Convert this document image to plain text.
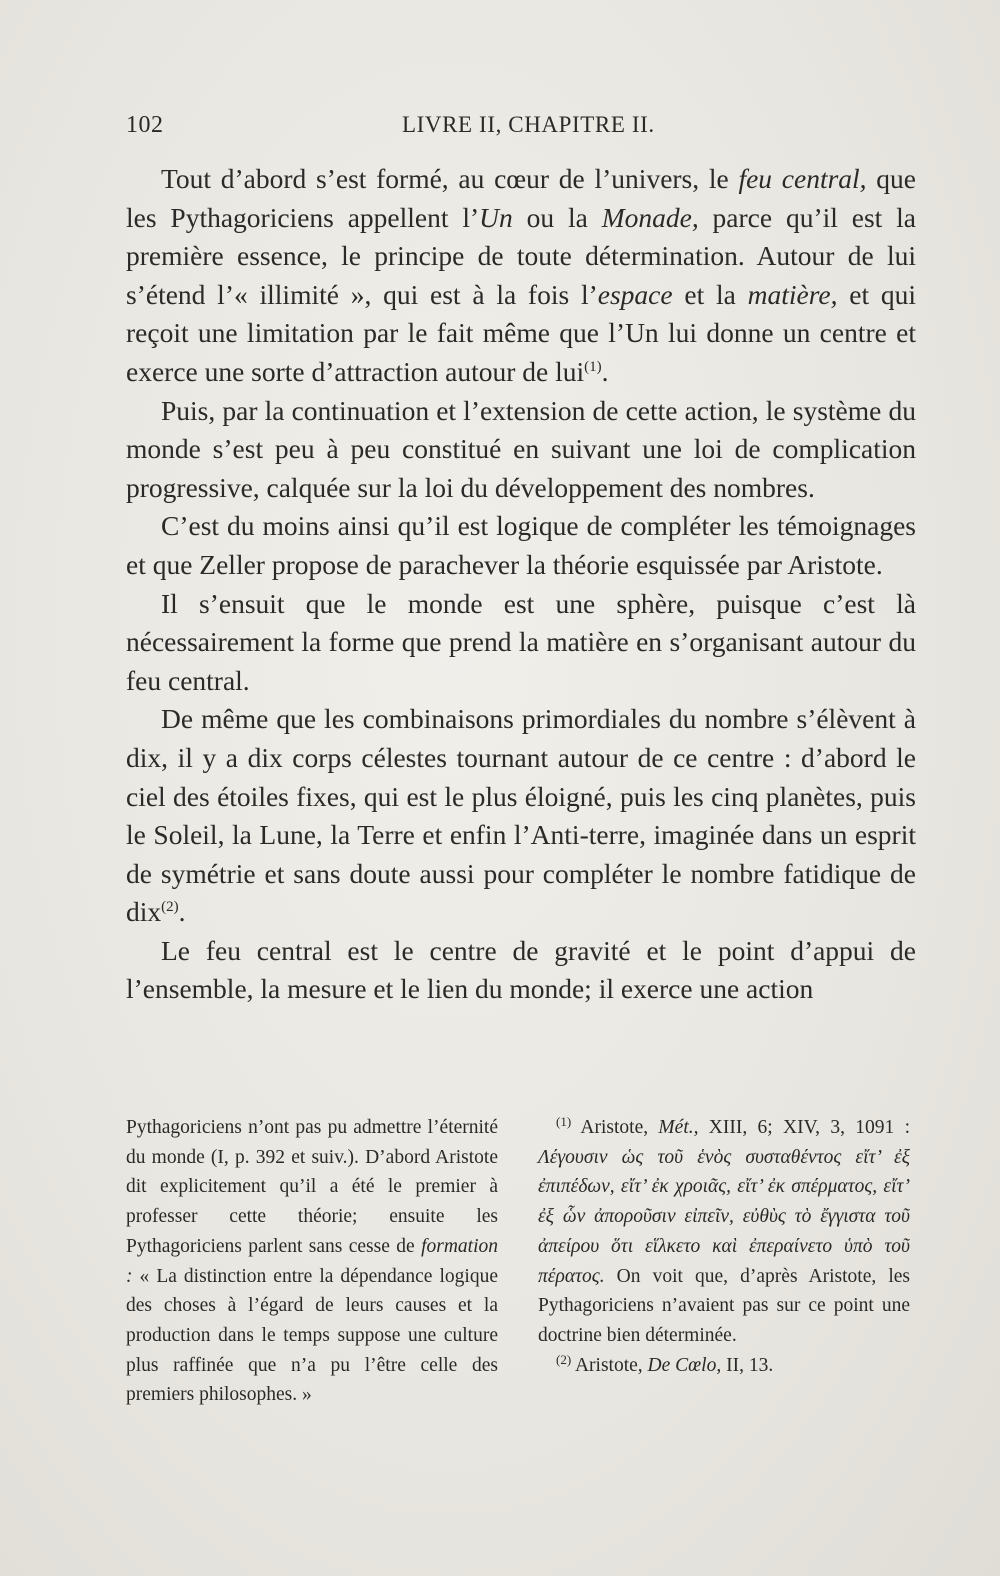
102	LIVRE II, CHAPITRE II.

Tout d’abord s’est formé, au cœur de l’univers, le feu central, que les Pythagoriciens appellent l’Un ou la Monade, parce qu’il est la première essence, le principe de toute détermination. Autour de lui s’étend l’« illimité », qui est à la fois l’espace et la matière, et qui reçoit une limitation par le fait même que l’Un lui donne un centre et exerce une sorte d’attraction autour de lui$^{(1)}$.

Puis, par la continuation et l’extension de cette action, le système du monde s’est peu à peu constitué en suivant une loi de complication progressive, calquée sur la loi du développement des nombres.

C’est du moins ainsi qu’il est logique de compléter les témoignages et que Zeller propose de parachever la théorie esquissée par Aristote.

Il s’ensuit que le monde est une sphère, puisque c’est là nécessairement la forme que prend la matière en s’organisant autour du feu central.

De même que les combinaisons primordiales du nombre s’élèvent à dix, il y a dix corps célestes tournant autour de ce centre : d’abord le ciel des étoiles fixes, qui est le plus éloigné, puis les cinq planètes, puis le Soleil, la Lune, la Terre et enfin l’Anti-terre, imaginée dans un esprit de symétrie et sans doute aussi pour compléter le nombre fatidique de dix$^{(2)}$.

Le feu central est le centre de gravité et le point d’appui de l’ensemble, la mesure et le lien du monde; il exerce une action

Pythagoriciens n’ont pas pu admettre l’éternité du monde (I, p. 392 et suiv.). D’abord Aristote dit explicitement qu’il a été le premier à professer cette théorie; ensuite les Pythagoriciens parlent sans cesse de formation : « La distinction entre la dépendance logique des choses à l’égard de leurs causes et la production dans le temps suppose une culture plus raffinée que n’a pu l’être celle des premiers philosophes. »

$^{(1)}$ Aristote, Mét., XIII, 6; XIV, 3, 1091 : Λέγουσιν ὡς τοῦ ἑνὸς συσταθέντος εἴτ’ ἐξ ἐπιπέδων, εἴτ’ ἐκ χροιᾶς, εἴτ’ ἐκ σπέρματος, εἴτ’ ἐξ ὧν ἀποροῦσιν εἰπεῖν, εὐθὺς τὸ ἔγγιστα τοῦ ἀπείρου ὅτι εἵλκετο καὶ ἐπεραίνετο ὑπὸ τοῦ πέρατος. On voit que, d’après Aristote, les Pythagoriciens n’avaient pas sur ce point une doctrine bien déterminée.

$^{(2)}$ Aristote, De Cœlo, II, 13.
